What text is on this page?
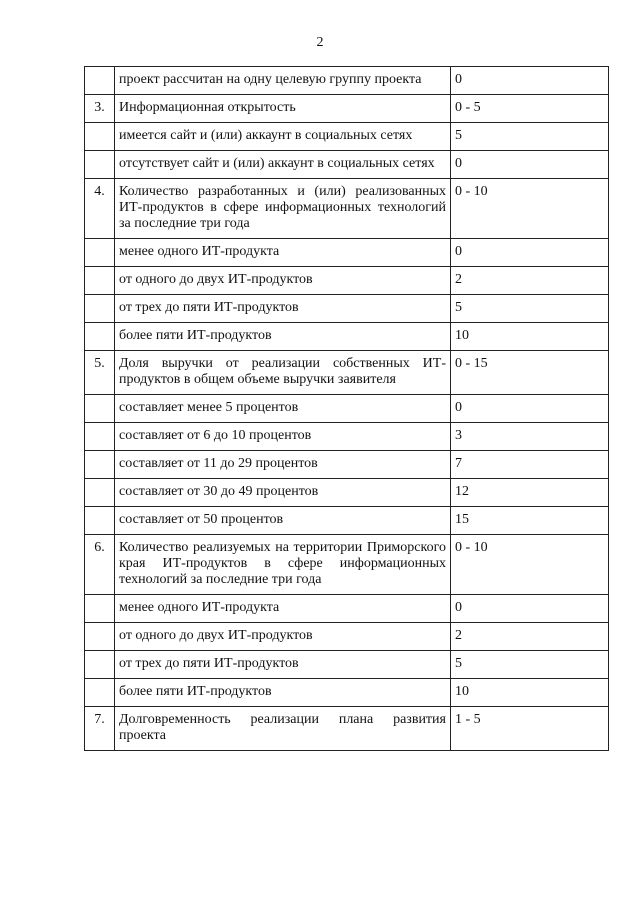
2
	проект рассчитан на одну целевую группу проекта	0
3.	Информационная открытость	0 - 5
	имеется сайт и (или) аккаунт в социальных сетях	5
	отсутствует сайт и (или) аккаунт в социальных сетях	0
4.	Количество разработанных и (или) реализованных ИТ-продуктов в сфере информационных технологий за последние три года	0 - 10
	менее одного ИТ-продукта	0
	от одного до двух ИТ-продуктов	2
	от трех до пяти ИТ-продуктов	5
	более пяти ИТ-продуктов	10
5.	Доля выручки от реализации собственных ИТ-продуктов в общем объеме выручки заявителя	0 - 15
	составляет менее 5 процентов	0
	составляет от 6 до 10 процентов	3
	составляет от 11 до 29 процентов	7
	составляет от 30 до 49 процентов	12
	составляет от 50 процентов	15
6.	Количество реализуемых на территории Приморского края ИТ-продуктов в сфере информационных технологий за последние три года	0 - 10
	менее одного ИТ-продукта	0
	от одного до двух ИТ-продуктов	2
	от трех до пяти ИТ-продуктов	5
	более пяти ИТ-продуктов	10
7.	Долговременность реализации плана развития проекта	1 - 5
